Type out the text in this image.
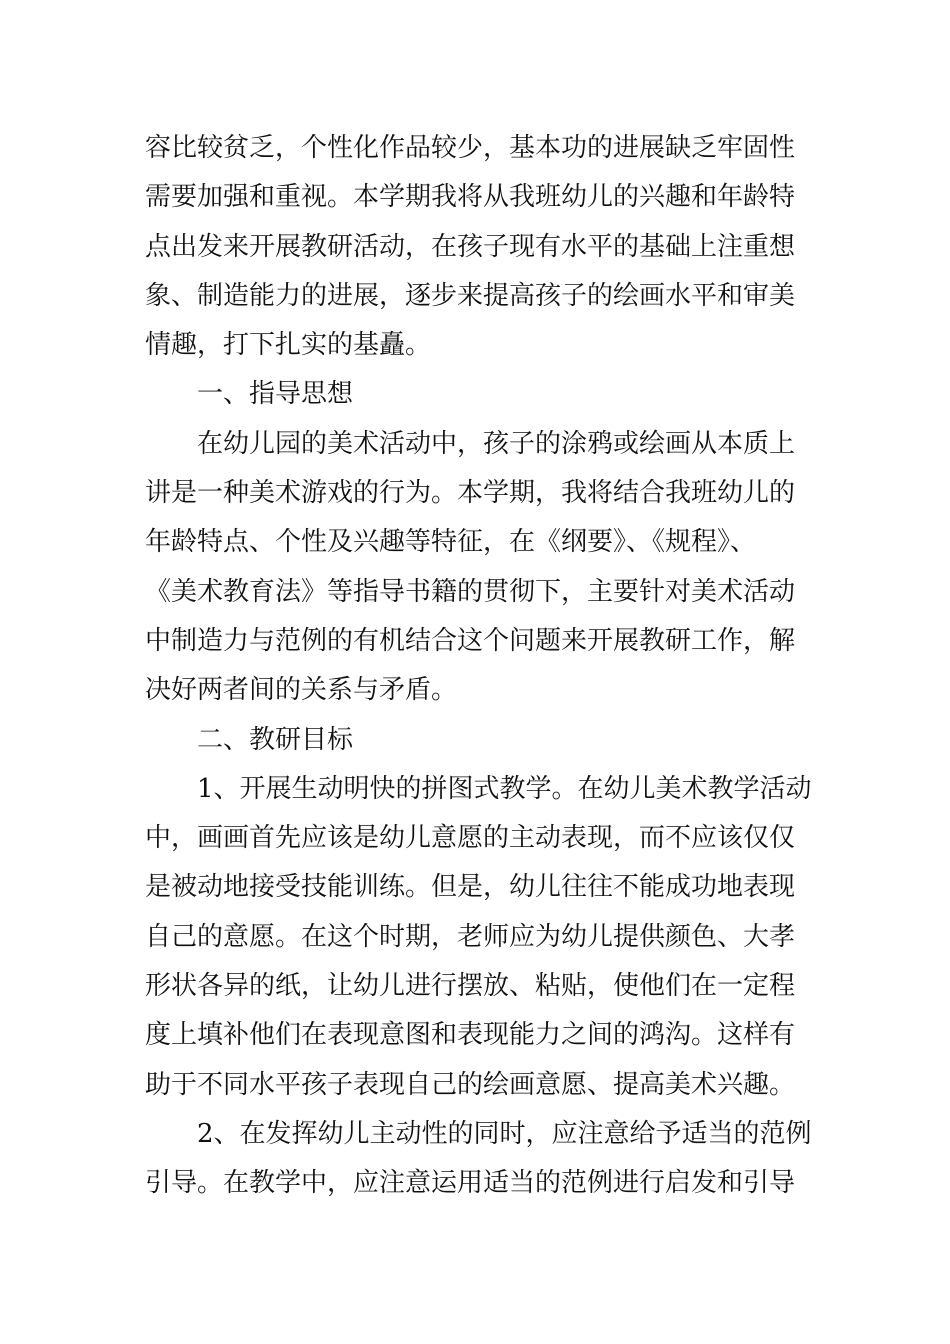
容比较贫乏，个性化作品较少，基本功的进展缺乏牢固性
需要加强和重视。本学期我将从我班幼儿的兴趣和年龄特
点出发来开展教研活动，在孩子现有水平的基础上注重想
象、制造能力的进展，逐步来提高孩子的绘画水平和审美
情趣，打下扎实的基矗。
一、指导思想
在幼儿园的美术活动中，孩子的涂鸦或绘画从本质上
讲是一种美术游戏的行为。本学期，我将结合我班幼儿的
年龄特点、个性及兴趣等特征，在《纲要》、《规程》、
《美术教育法》等指导书籍的贯彻下，主要针对美术活动
中制造力与范例的有机结合这个问题来开展教研工作，解
决好两者间的关系与矛盾。
二、教研目标
1、开展生动明快的拼图式教学。在幼儿美术教学活动
中，画画首先应该是幼儿意愿的主动表现，而不应该仅仅
是被动地接受技能训练。但是，幼儿往往不能成功地表现
自己的意愿。在这个时期，老师应为幼儿提供颜色、大孝
形状各异的纸，让幼儿进行摆放、粘贴，使他们在一定程
度上填补他们在表现意图和表现能力之间的鸿沟。这样有
助于不同水平孩子表现自己的绘画意愿、提高美术兴趣。
2、在发挥幼儿主动性的同时，应注意给予适当的范例
引导。在教学中，应注意运用适当的范例进行启发和引导
